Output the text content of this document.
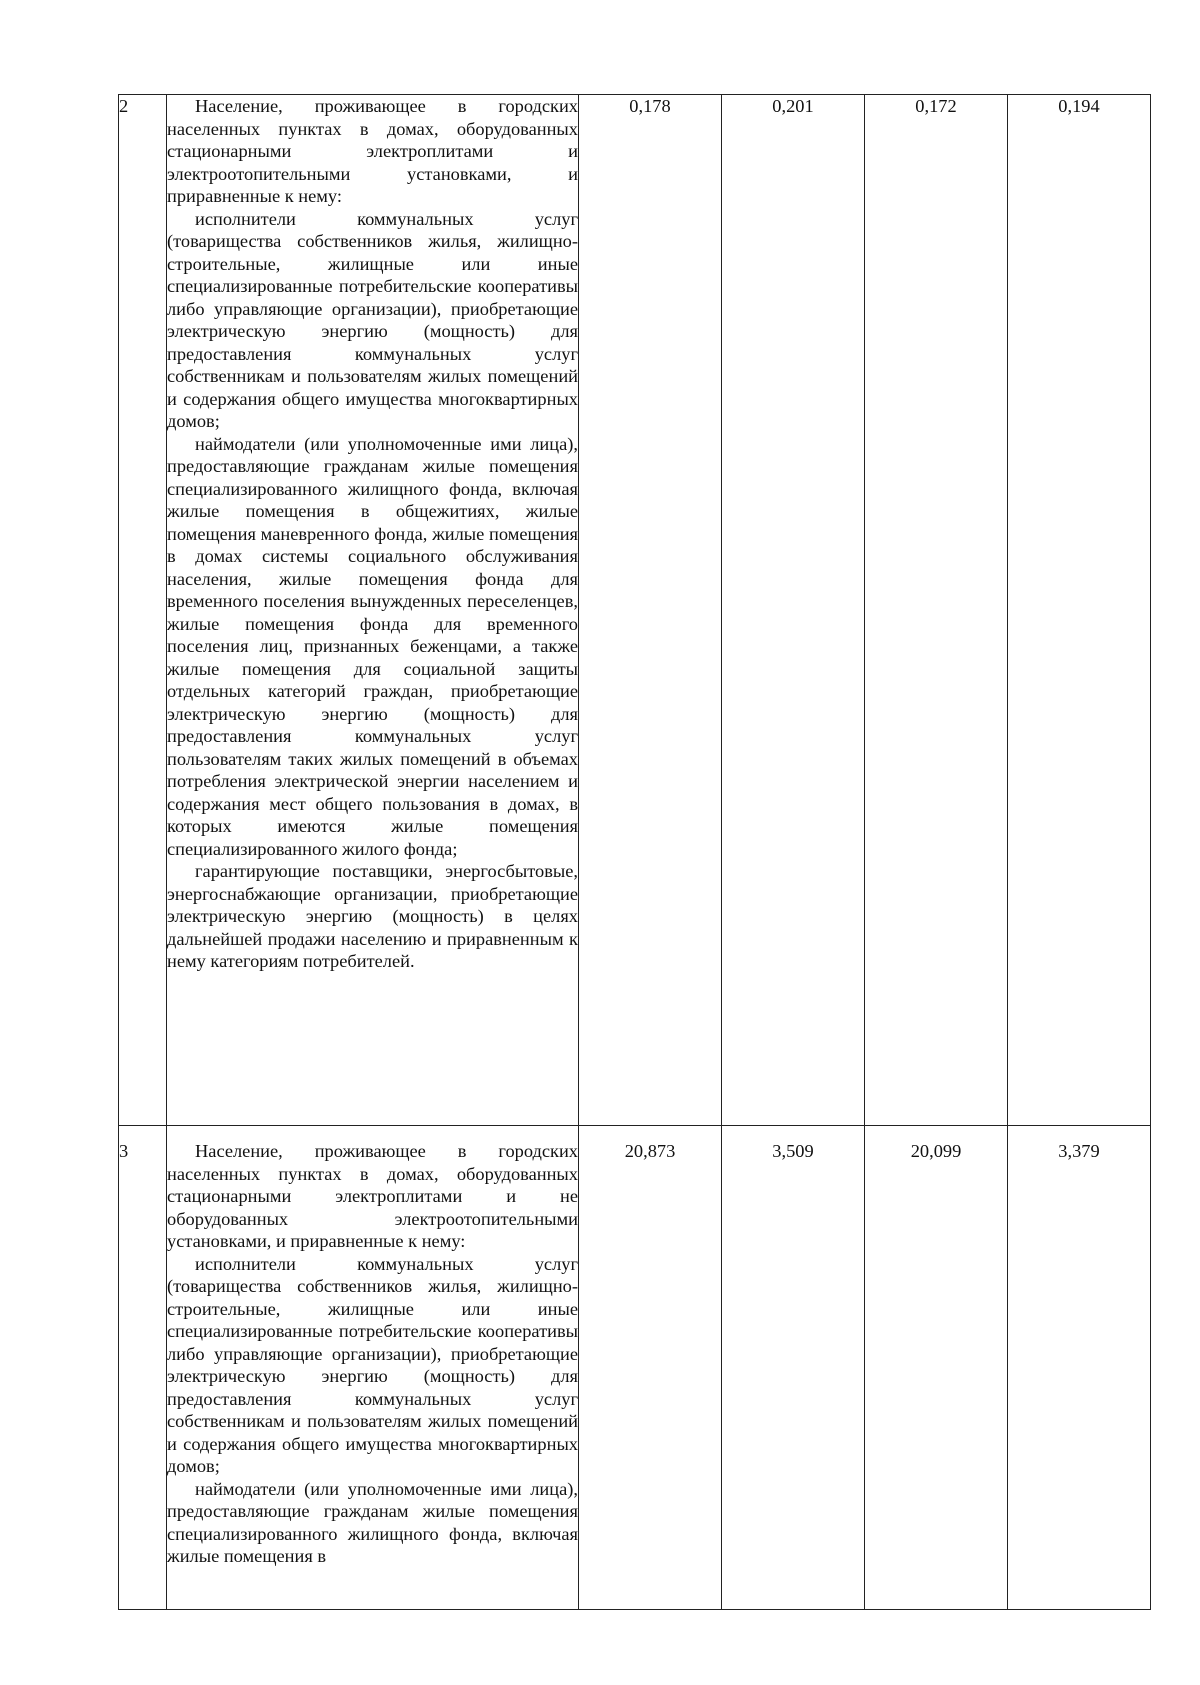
2	Население, проживающее в городских населенных пунктах в домах, оборудованных стационарными электроплитами и электроотопительными установками, и приравненные к нему:

исполнители коммунальных услуг (товарищества собственников жилья, жилищно-строительные, жилищные или иные специализированные потребительские кооперативы либо управляющие организации), приобретающие электрическую энергию (мощность) для предоставления коммунальных услуг собственникам и пользователям жилых помещений и содержания общего имущества многоквартирных домов;

наймодатели (или уполномоченные ими лица), предоставляющие гражданам жилые помещения специализированного жилищного фонда, включая жилые помещения в общежитиях, жилые помещения маневренного фонда, жилые помещения в домах системы социального обслуживания населения, жилые помещения фонда для временного поселения вынужденных переселенцев, жилые помещения фонда для временного поселения лиц, признанных беженцами, а также жилые помещения для социальной защиты отдельных категорий граждан, приобретающие электрическую энергию (мощность) для предоставления коммунальных услуг пользователям таких жилых помещений в объемах потребления электрической энергии населением и содержания мест общего пользования в домах, в которых имеются жилые помещения специализированного жилого фонда;

гарантирующие поставщики, энергосбытовые, энергоснабжающие организации, приобретающие электрическую энергию (мощность) в целях дальнейшей продажи населению и приравненным к нему категориям потребителей.	0,178	0,201	0,172	0,194
3	Население, проживающее в городских населенных пунктах в домах, оборудованных стационарными электроплитами и не оборудованных электроотопительными установками, и приравненные к нему:

исполнители коммунальных услуг (товарищества собственников жилья, жилищно-строительные, жилищные или иные специализированные потребительские кооперативы либо управляющие организации), приобретающие электрическую энергию (мощность) для предоставления коммунальных услуг собственникам и пользователям жилых помещений и содержания общего имущества многоквартирных домов;

наймодатели (или уполномоченные ими лица), предоставляющие гражданам жилые помещения специализированного жилищного фонда, включая жилые помещения в	20,873	3,509	20,099	3,379
